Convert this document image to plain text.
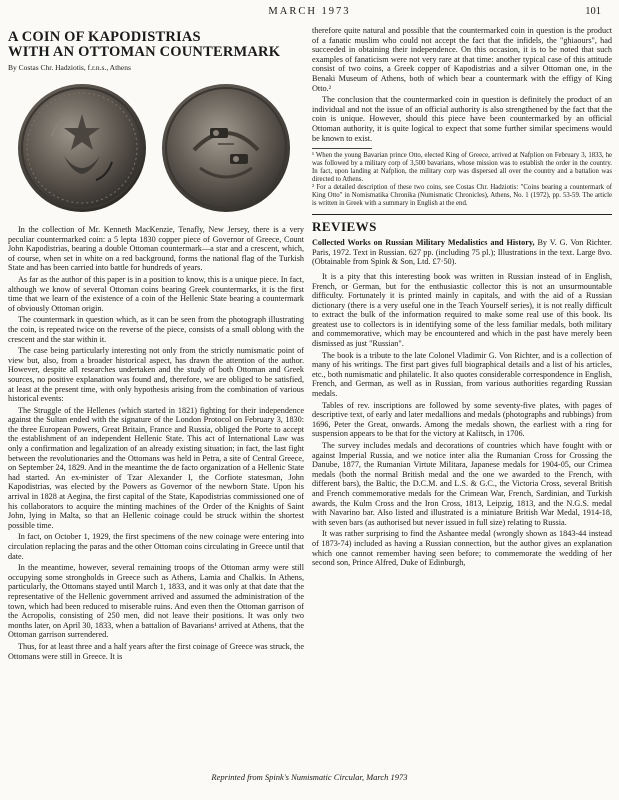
MARCH 1973	101
A COIN OF KAPODISTRIAS
WITH AN OTTOMAN COUNTERMARK
By Costas Chr. Hadziotis, f.r.n.s., Athens

In the collection of Mr. Kenneth MacKenzie, Tenafly, New Jersey, there is a very peculiar countermarked coin: a 5 lepta 1830 copper piece of Governor of Greece, Count John Kapodistrias, bearing a double Ottoman countermark—a star and a crescent, which, of course, when set in white on a red background, forms the national flag of the Turkish State and has been carried into battle for hundreds of years.

As far as the author of this paper is in a position to know, this is a unique piece. In fact, although we know of several Ottoman coins bearing Greek countermarks, it is the first time that we learn of the existence of a coin of the Hellenic State bearing a countermark of obviously Ottoman origin.

The countermark in question which, as it can be seen from the photograph illustrating the coin, is repeated twice on the reverse of the piece, consists of a small oblong with the crescent and the star within it.

The case being particularly interesting not only from the strictly numismatic point of view but, also, from a broader historical aspect, has drawn the attention of the author. However, despite all researches undertaken and the study of both Ottoman and Greek sources, no positive explanation was found and, therefore, we are obliged to be satisfied, at least at the present time, with only hypothesis arising from the combination of various historical events:

The Struggle of the Hellenes (which started in 1821) fighting for their independence against the Sultan ended with the signature of the London Protocol on February 3, 1830: the three European Powers, Great Britain, France and Russia, obliged the Porte to accept the establishment of an independent Hellenic State. This act of International Law was only a confirmation and legalization of an already existing situation; in fact, the last fight between the revolutionaries and the Ottomans was held in Petra, a site of Central Greece, on September 24, 1829. And in the meantime the de facto organization of a Hellenic State had started. An ex-minister of Tzar Alexander I, the Corfiote statesman, John Kapodistrias, was elected by the Powers as Governor of the newborn State. Upon his arrival in 1828 at Aegina, the first capital of the State, Kapodistrias commissioned one of his collaborators to acquire the minting machines of the Order of the Knights of Saint John, lying in Malta, so that an Hellenic coinage could be struck within the shortest possible time.

In fact, on October 1, 1929, the first specimens of the new coinage were entering into circulation replacing the paras and the other Ottoman coins circulating in Greece until that date.

In the meantime, however, several remaining troops of the Ottoman army were still occupying some strongholds in Greece such as Athens, Lamia and Chalkis. In Athens, particularly, the Ottomans stayed until March 1, 1833, and it was only at that date that the representative of the Hellenic government arrived and assumed the administration of the town, which had been reduced to miserable ruins. And even then the Ottoman garrison of the Acropolis, consisting of 250 men, did not leave their positions. It was only two months later, on April 30, 1833, when a battalion of Bavarians¹ arrived at Athens, that the Ottoman garrison surrendered.

Thus, for at least three and a half years after the first coinage of Greece was struck, the Ottomans were still in Greece. It is

therefore quite natural and possible that the countermarked coin in question is the product of a fanatic muslim who could not accept the fact that the infidels, the "ghiaours", had succeeded in obtaining their independence. On this occasion, it is to be noted that such examples of fanaticism were not very rare at that time: another typical case of this attitude consist of two coins, a Greek copper of Kapodistrias and a silver Ottoman one, in the Benaki Museum of Athens, both of which bear a countermark with the effigy of King Otto.²

The conclusion that the countermarked coin in question is definitely the product of an individual and not the issue of an official authority is also strengthened by the fact that the coin is unique. However, should this piece have been countermarked by an official Ottoman authority, it is quite logical to expect that some further similar specimens would be known to exist.

¹ When the young Bavarian prince Otto, elected King of Greece, arrived at Nafplion on February 3, 1833, he was followed by a military corp of 3,500 bavarians, whose mission was to establish the order in the country. In fact, upon landing at Nafplion, the military corp was dispersed all over the country and a battalion was directed to Athens.

² For a detailed description of these two coins, see Costas Chr. Hadziotis: "Coins bearing a countermark of King Otto" in Nomismatika Chronika (Numismatic Chronicles), Athens, No. 1 (1972), pp. 53-59. The article is written in Greek with a summary in English at the end.

REVIEWS
Collected Works on Russian Military Medalistics and History, By V. G. Von Richter. Paris, 1972. Text in Russian. 627 pp. (including 75 pl.); Illustrations in the text. Large 8vo. (Obtainable from Spink & Son, Ltd. £7·50).

It is a pity that this interesting book was written in Russian instead of in English, French, or German, but for the enthusiastic collector this is not an unsurmountable difficulty. Fortunately it is printed mainly in capitals, and with the aid of a Russian dictionary (there is a very useful one in the Teach Yourself series), it is not really difficult to extract the bulk of the information required to make some real use of this book. Its greatest use to collectors is in identifying some of the less familiar medals, both military and commemorative, which may be encountered and which in the past have merely been dismissed as just "Russian".

The book is a tribute to the late Colonel Vladimir G. Von Richter, and is a collection of many of his writings. The first part gives full biographical details and a list of his articles, etc., both numismatic and philatelic. It also quotes considerable correspondence in English, French, and German, as well as in Russian, from various authorities regarding Russian medals.

Tables of rev. inscriptions are followed by some seventy-five plates, with pages of descriptive text, of early and later medallions and medals (photographs and rubbings) from 1696, Peter the Great, onwards. Among the medals shown, the earliest with a ring for suspension appears to be that for the victory at Kalitsch, in 1706.

The survey includes medals and decorations of countries which have fought with or against Imperial Russia, and we notice inter alia the Rumanian Cross for Crossing the Danube, 1877, the Rumanian Virtute Militara, Japanese medals for 1904-05, our Crimea medals (both the normal British medal and the one we awarded to the French, with different bars), the Baltic, the D.C.M. and L.S. & G.C., the Victoria Cross, several British and French commemorative medals for the Crimean War, French, Sardinian, and Turkish awards, the Kulm Cross and the Iron Cross, 1813, Leipzig, 1813, and the N.G.S. medal with Navarino bar. Also listed and illustrated is a miniature British War Medal, 1914-18, with seven bars (as authorised but never issued in full size) relating to Russia.

It was rather surprising to find the Ashantee medal (wrongly shown as 1843-44 instead of 1873-74) included as having a Russian connection, but the author gives an explanation which one cannot remember having seen before; to commemorate the wedding of her second son, Prince Alfred, Duke of Edinburgh,

Reprinted from Spink's Numismatic Circular, March 1973
